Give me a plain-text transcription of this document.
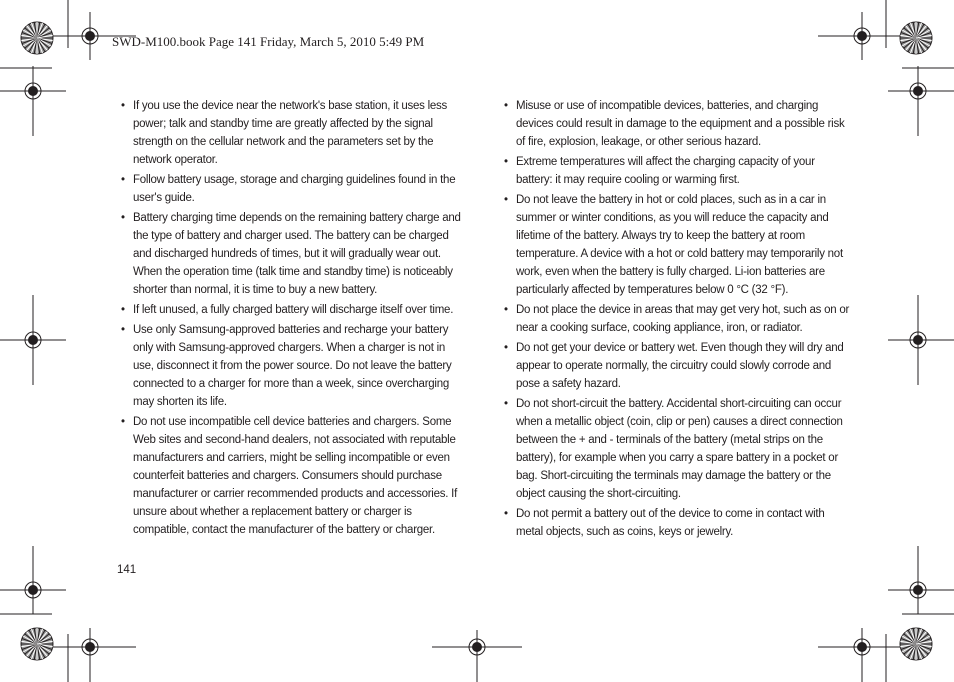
SWD-M100.book Page 141 Friday, March 5, 2010 5:49 PM
• If you use the device near the network's base station, it uses less power; talk and standby time are greatly affected by the signal strength on the cellular network and the parameters set by the network operator.
• Follow battery usage, storage and charging guidelines found in the user's guide.
• Battery charging time depends on the remaining battery charge and the type of battery and charger used. The battery can be charged and discharged hundreds of times, but it will gradually wear out. When the operation time (talk time and standby time) is noticeably shorter than normal, it is time to buy a new battery.
• If left unused, a fully charged battery will discharge itself over time.
• Use only Samsung-approved batteries and recharge your battery only with Samsung-approved chargers. When a charger is not in use, disconnect it from the power source. Do not leave the battery connected to a charger for more than a week, since overcharging may shorten its life.
• Do not use incompatible cell device batteries and chargers. Some Web sites and second-hand dealers, not associated with reputable manufacturers and carriers, might be selling incompatible or even counterfeit batteries and chargers. Consumers should purchase manufacturer or carrier recommended products and accessories. If unsure about whether a replacement battery or charger is compatible, contact the manufacturer of the battery or charger.
• Misuse or use of incompatible devices, batteries, and charging devices could result in damage to the equipment and a possible risk of fire, explosion, leakage, or other serious hazard.
• Extreme temperatures will affect the charging capacity of your battery: it may require cooling or warming first.
• Do not leave the battery in hot or cold places, such as in a car in summer or winter conditions, as you will reduce the capacity and lifetime of the battery. Always try to keep the battery at room temperature. A device with a hot or cold battery may temporarily not work, even when the battery is fully charged. Li-ion batteries are particularly affected by temperatures below 0 °C (32 °F).
• Do not place the device in areas that may get very hot, such as on or near a cooking surface, cooking appliance, iron, or radiator.
• Do not get your device or battery wet. Even though they will dry and appear to operate normally, the circuitry could slowly corrode and pose a safety hazard.
• Do not short-circuit the battery. Accidental short-circuiting can occur when a metallic object (coin, clip or pen) causes a direct connection between the + and - terminals of the battery (metal strips on the battery), for example when you carry a spare battery in a pocket or bag. Short-circuiting the terminals may damage the battery or the object causing the short-circuiting.
• Do not permit a battery out of the device to come in contact with metal objects, such as coins, keys or jewelry.
141
